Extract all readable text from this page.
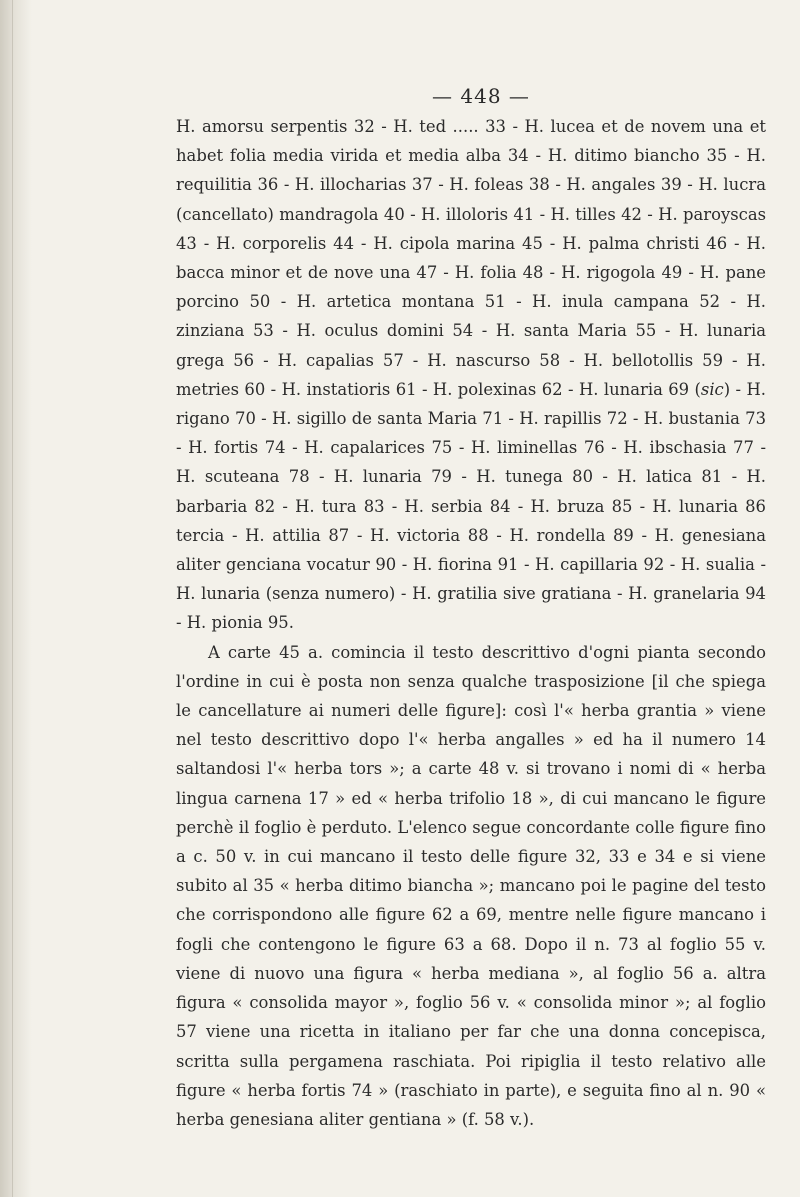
— 448 —

H. amorsu serpentis 32 - H. ted ..... 33 - H. lucea et de novem una et habet folia media virida et media alba 34 - H. ditimo biancho 35 - H. requilitia 36 - H. illocharias 37 - H. foleas 38 - H. angales 39 - H. lucra (cancellato) mandragola 40 - H. illoloris 41 - H. tilles 42 - H. paroyscas 43 - H. corporelis 44 - H. cipola marina 45 - H. palma christi 46 - H. bacca minor et de nove una 47 - H. folia 48 - H. rigogola 49 - H. pane porcino 50 - H. artetica montana 51 - H. inula campana 52 - H. zinziana 53 - H. oculus domini 54 - H. santa Maria 55 - H. lunaria grega 56 - H. capalias 57 - H. nascurso 58 - H. bellotollis 59 - H. metries 60 - H. instatioris 61 - H. polexinas 62 - H. lunaria 69 (sic) - H. rigano 70 - H. sigillo de santa Maria 71 - H. rapillis 72 - H. bustania 73 - H. fortis 74 - H. capalarices 75 - H. liminellas 76 - H. ibschasia 77 - H. scuteana 78 - H. lunaria 79 - H. tunega 80 - H. latica 81 - H. barbaria 82 - H. tura 83 - H. serbia 84 - H. bruza 85 - H. lunaria 86 tercia - H. attilia 87 - H. victoria 88 - H. rondella 89 - H. genesiana aliter genciana vocatur 90 - H. fiorina 91 - H. capillaria 92 - H. sualia - H. lunaria (senza numero) - H. gratilia sive gratiana - H. granelaria 94 - H. pionia 95.

A carte 45 a. comincia il testo descrittivo d'ogni pianta secondo l'ordine in cui è posta non senza qualche trasposizione [il che spiega le cancellature ai numeri delle figure]: così l'« herba grantia » viene nel testo descrittivo dopo l'« herba angalles » ed ha il numero 14 saltandosi l'« herba tors »; a carte 48 v. si trovano i nomi di « herba lingua carnena 17 » ed « herba trifolio 18 », di cui mancano le figure perchè il foglio è perduto. L'elenco segue concordante colle figure fino a c. 50 v. in cui mancano il testo delle figure 32, 33 e 34 e si viene subito al 35 « herba ditimo biancha »; mancano poi le pagine del testo che corrispondono alle figure 62 a 69, mentre nelle figure mancano i fogli che contengono le figure 63 a 68. Dopo il n. 73 al foglio 55 v. viene di nuovo una figura « herba mediana », al foglio 56 a. altra figura « consolida mayor », foglio 56 v. « consolida minor »; al foglio 57 viene una ricetta in italiano per far che una donna concepisca, scritta sulla pergamena raschiata. Poi ripiglia il testo relativo alle figure « herba fortis 74 » (raschiato in parte), e seguita fino al n. 90 « herba genesiana aliter gentiana » (f. 58 v.).
